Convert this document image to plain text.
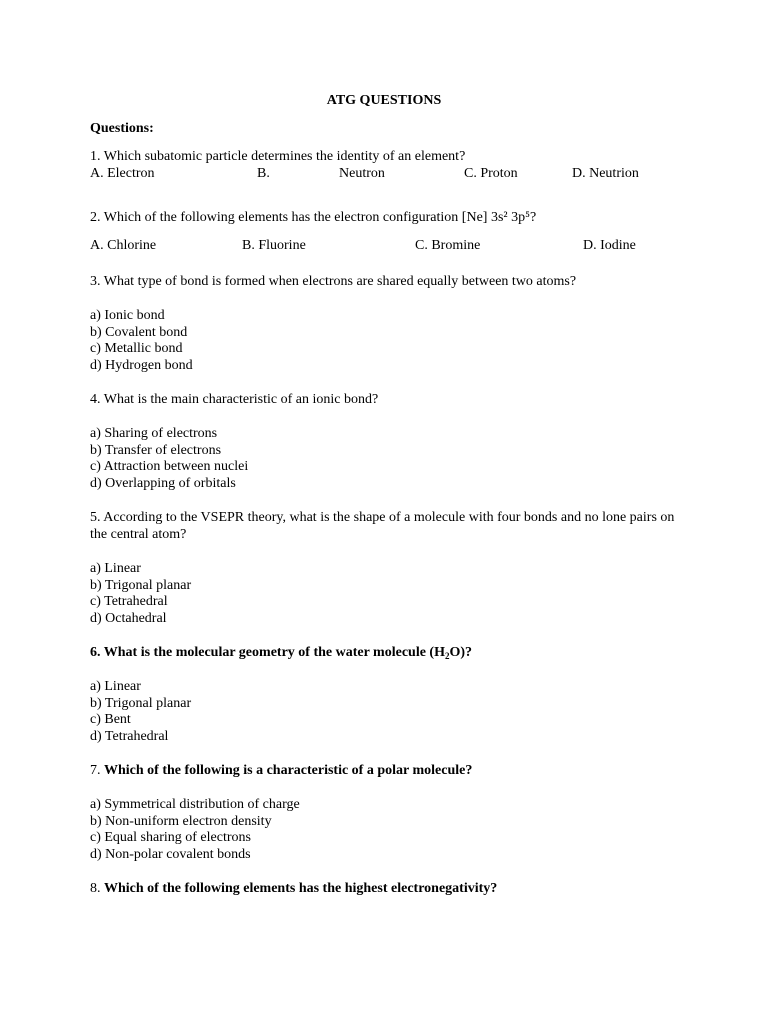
ATG QUESTIONS
Questions:
1. Which subatomic particle determines the identity of an element?
A. Electron	B.	Neutron	C. Proton	D. Neutrion
2. Which of the following elements has the electron configuration [Ne] 3s² 3p⁵?
A. Chlorine	B. Fluorine	C. Bromine	D. Iodine
3. What type of bond is formed when electrons are shared equally between two atoms?
a) Ionic bond
b) Covalent bond
c) Metallic bond
d) Hydrogen bond
4. What is the main characteristic of an ionic bond?
a) Sharing of electrons
b) Transfer of electrons
c) Attraction between nuclei
d) Overlapping of orbitals
5. According to the VSEPR theory, what is the shape of a molecule with four bonds and no lone pairs on the central atom?
a) Linear
b) Trigonal planar
c) Tetrahedral
d) Octahedral
6. What is the molecular geometry of the water molecule $(H_2O)$?
a) Linear
b) Trigonal planar
c) Bent
d) Tetrahedral
7. Which of the following is a characteristic of a polar molecule?
a) Symmetrical distribution of charge
b) Non-uniform electron density
c) Equal sharing of electrons
d) Non-polar covalent bonds
8. Which of the following elements has the highest electronegativity?
